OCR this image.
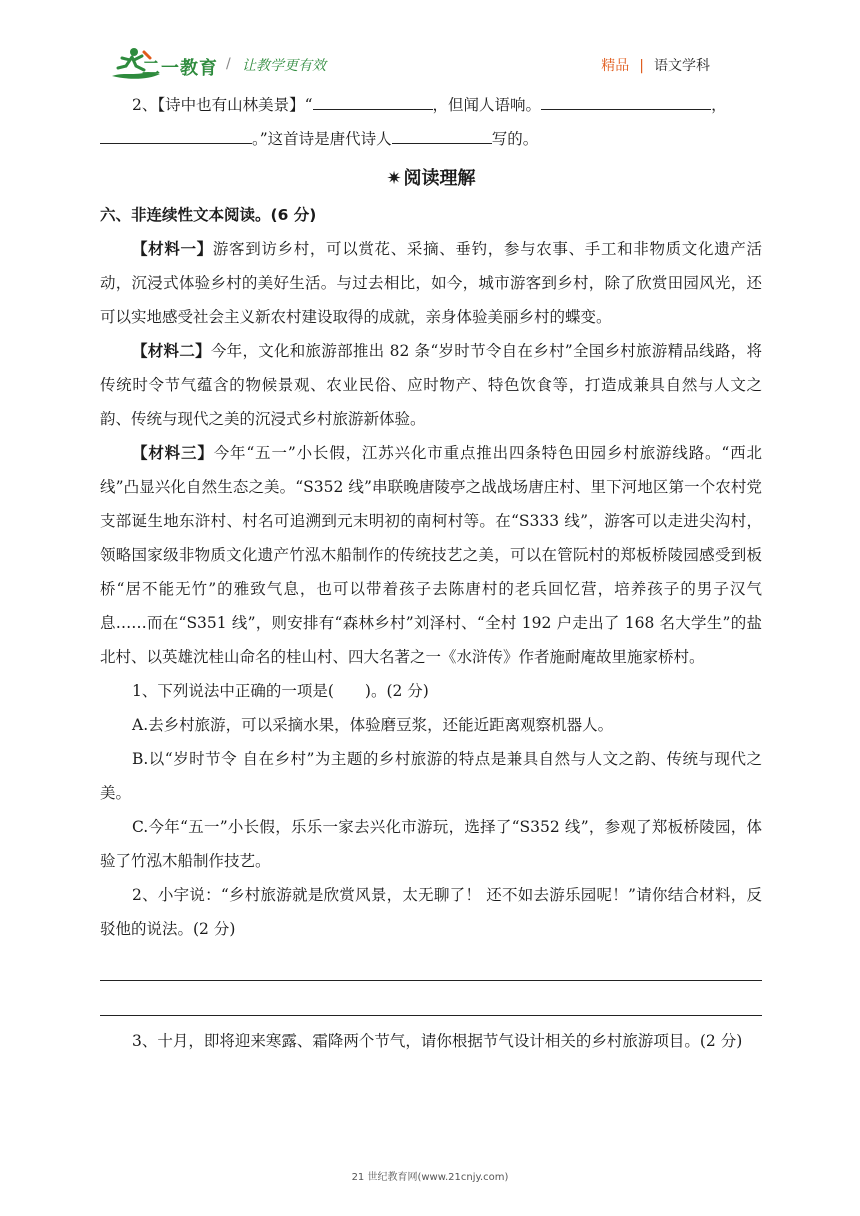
二一教育 / 让教学更有效	精品 | 语文学科

2、【诗中也有山林美景】“	，但闻人语响。	，

。”这首诗是唐代诗人	写的。

✷ 阅读理解

六、非连续性文本阅读。(6 分)

【材料一】游客到访乡村，可以赏花、采摘、垂钓，参与农事、手工和非物质文化遗产活动，沉浸式体验乡村的美好生活。与过去相比，如今，城市游客到乡村，除了欣赏田园风光，还可以实地感受社会主义新农村建设取得的成就，亲身体验美丽乡村的蝶变。

【材料二】今年，文化和旅游部推出 82 条“岁时节令自在乡村”全国乡村旅游精品线路，将传统时令节气蕴含的物候景观、农业民俗、应时物产、特色饮食等，打造成兼具自然与人文之韵、传统与现代之美的沉浸式乡村旅游新体验。

【材料三】今年“五一”小长假，江苏兴化市重点推出四条特色田园乡村旅游线路。“西北线”凸显兴化自然生态之美。“S352 线”串联晚唐陵亭之战战场唐庄村、里下河地区第一个农村党支部诞生地东浒村、村名可追溯到元末明初的南柯村等。在“S333 线”，游客可以走进尖沟村，领略国家级非物质文化遗产竹泓木船制作的传统技艺之美，可以在管阮村的郑板桥陵园感受到板桥“居不能无竹”的雅致气息，也可以带着孩子去陈唐村的老兵回忆营，培养孩子的男子汉气息……而在“S351 线”，则安排有“森林乡村”刘泽村、“全村 192 户走出了 168 名大学生”的盐北村、以英雄沈桂山命名的桂山村、四大名著之一《水浒传》作者施耐庵故里施家桥村。

1、下列说法中正确的一项是(　　)。(2 分)

A.去乡村旅游，可以采摘水果，体验磨豆浆，还能近距离观察机器人。

B.以“岁时节令 自在乡村”为主题的乡村旅游的特点是兼具自然与人文之韵、传统与现代之美。

C.今年“五一”小长假，乐乐一家去兴化市游玩，选择了“S352 线”，参观了郑板桥陵园，体验了竹泓木船制作技艺。

2、小宇说：“乡村旅游就是欣赏风景，太无聊了！ 还不如去游乐园呢！”请你结合材料，反驳他的说法。(2 分)

3、十月，即将迎来寒露、霜降两个节气，请你根据节气设计相关的乡村旅游项目。(2 分)

21 世纪教育网(www.21cnjy.com)
